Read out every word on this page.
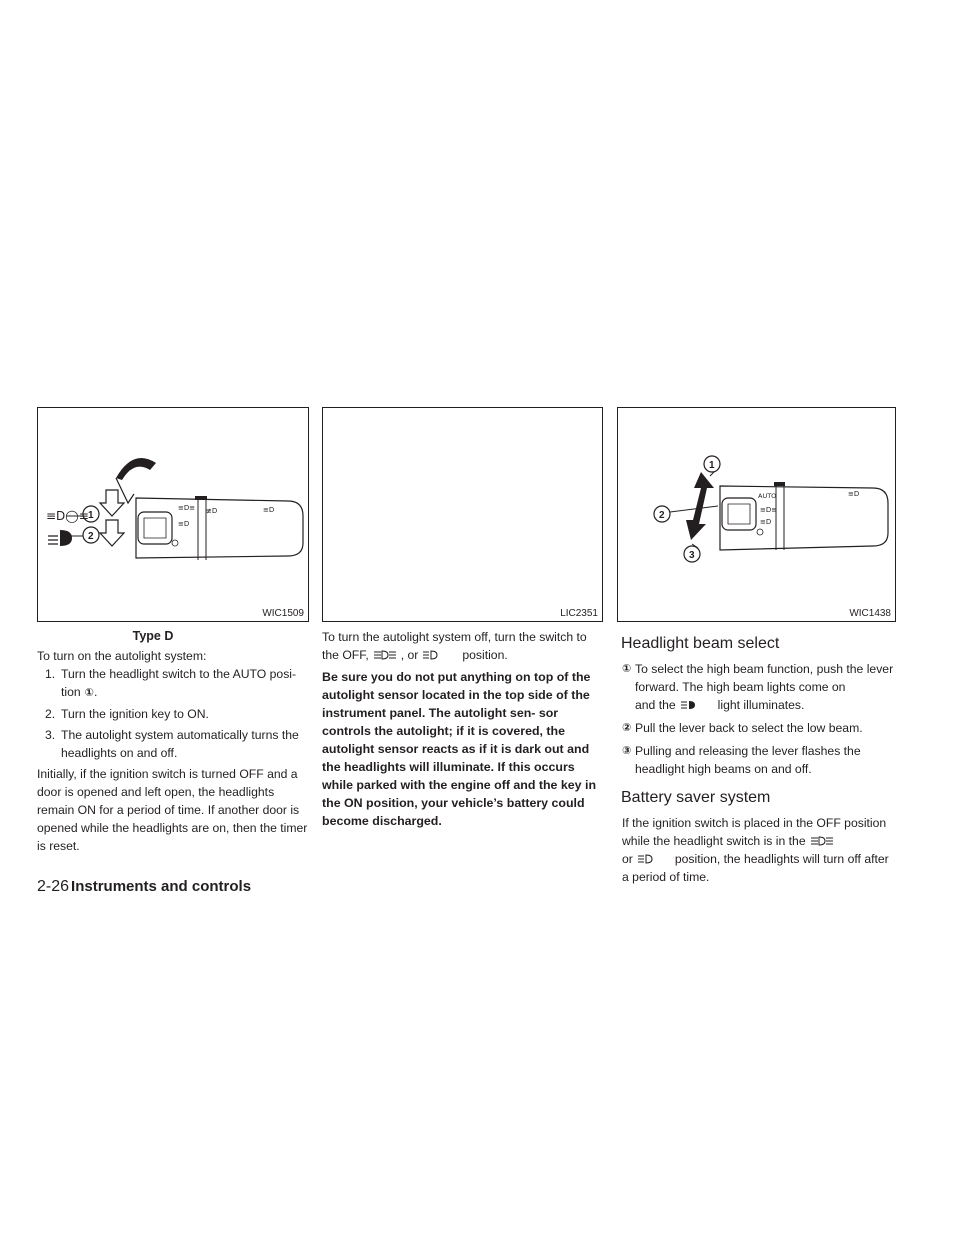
≡D≡
≡D
≢D	≡D
1
2
≡D◯≡
WIC1509	LIC2351
AUTO
≡D≡
≡D
≡D
1
2
3
WIC1438

Type D

To turn on the autolight system:

1. Turn the headlight switch to the AUTO posi-
tion ①.
2. Turn the ignition key to ON.
3. The autolight system automatically turns the
headlights on and off.

Initially, if the ignition switch is turned OFF and a door is opened and left open, the headlights remain ON for a period of time. If another door is opened while the headlights are on, then the timer is reset.

To turn the autolight system off, turn the switch to
the OFF,	, or	position.

Be sure you do not put anything on top of the autolight sensor located in the top side of the instrument panel. The autolight sen- sor controls the autolight; if it is covered, the autolight sensor reacts as if it is dark out and the headlights will illuminate. If this occurs while parked with the engine off and the key in the ON position, your vehicle’s battery could become discharged.

Headlight beam select
① To select the high beam function, push the lever forward. The high beam lights come on
and the	light illuminates.
② Pull the lever back to select the low beam.
③ Pulling and releasing the lever flashes the headlight high beams on and off.
Battery saver system

If the ignition switch is placed in the OFF position
while the headlight switch is in the
or	position, the headlights will turn off after a period of time.

2-26 Instruments and controls
